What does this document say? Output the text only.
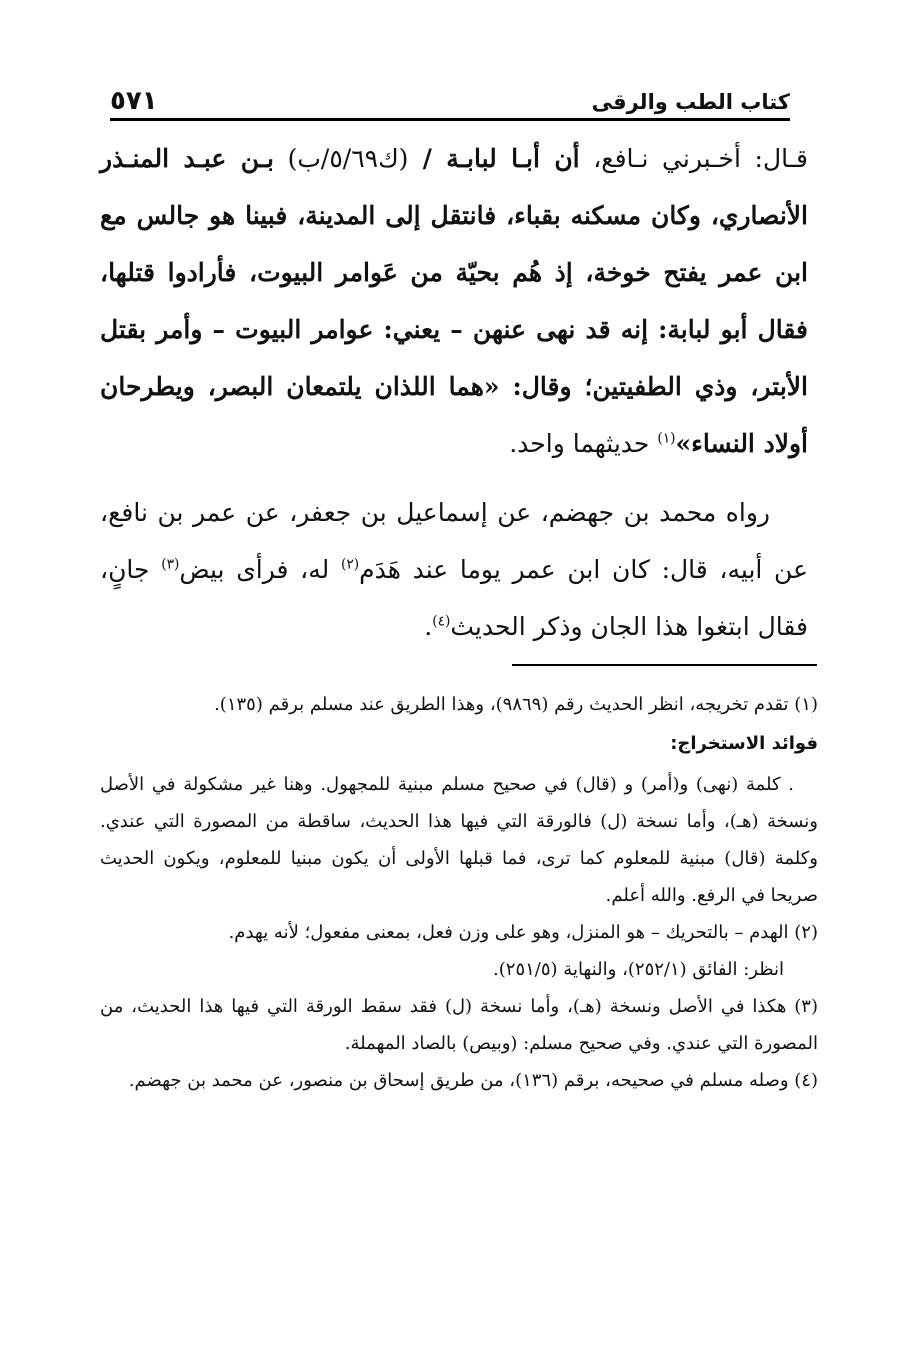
كتاب الطب والرقى
٥٧١

قـال: أخـبرني نـافع، أن أبـا لبابـة / (ك٥/٦٩/ب) بـن عبـد المنـذر الأنصاري، وكان مسكنه بقباء، فانتقل إلى المدينة، فبينا هو جالس مع ابن عمر يفتح خوخة، إذ هُم بحيّة من عَوامر البيوت، فأرادوا قتلها، فقال أبو لبابة: إنه قد نهى عنهن – يعني: عوامر البيوت – وأمر بقتل الأبتر، وذي الطفيتين؛ وقال: «هما اللذان يلتمعان البصر، ويطرحان أولاد النساء»$^{(١)}$ حديثهما واحد.

رواه محمد بن جهضم، عن إسماعيل بن جعفر، عن عمر بن نافع، عن أبيه، قال: كان ابن عمر يوما عند هَدَم$^{(٢)}$ له، فرأى بيض$^{(٣)}$ جانٍ، فقال ابتغوا هذا الجان وذكر الحديث$^{(٤)}$.

(١) تقدم تخريجه، انظر الحديث رقم (٩٨٦٩)، وهذا الطريق عند مسلم برقم (١٣٥).

فوائد الاستخراج:

. كلمة (نهى) و(أمر) و (قال) في صحيح مسلم مبنية للمجهول. وهنا غير مشكولة في الأصل ونسخة (هـ)، وأما نسخة (ل) فالورقة التي فيها هذا الحديث، ساقطة من المصورة التي عندي. وكلمة (قال) مبنية للمعلوم كما ترى، فما قبلها الأولى أن يكون مبنيا للمعلوم، ويكون الحديث صريحا في الرفع. والله أعلم.

(٢) الهدم – بالتحريك – هو المنزل، وهو على وزن فعل، بمعنى مفعول؛ لأنه يهدم.

انظر: الفائق (٢٥٢/١)، والنهاية (٢٥١/٥).

(٣) هكذا في الأصل ونسخة (هـ)، وأما نسخة (ل) فقد سقط الورقة التي فيها هذا الحديث، من المصورة التي عندي. وفي صحيح مسلم: (وبيص) بالصاد المهملة.

(٤) وصله مسلم في صحيحه، برقم (١٣٦)، من طريق إسحاق بن منصور، عن محمد بن جهضم.
